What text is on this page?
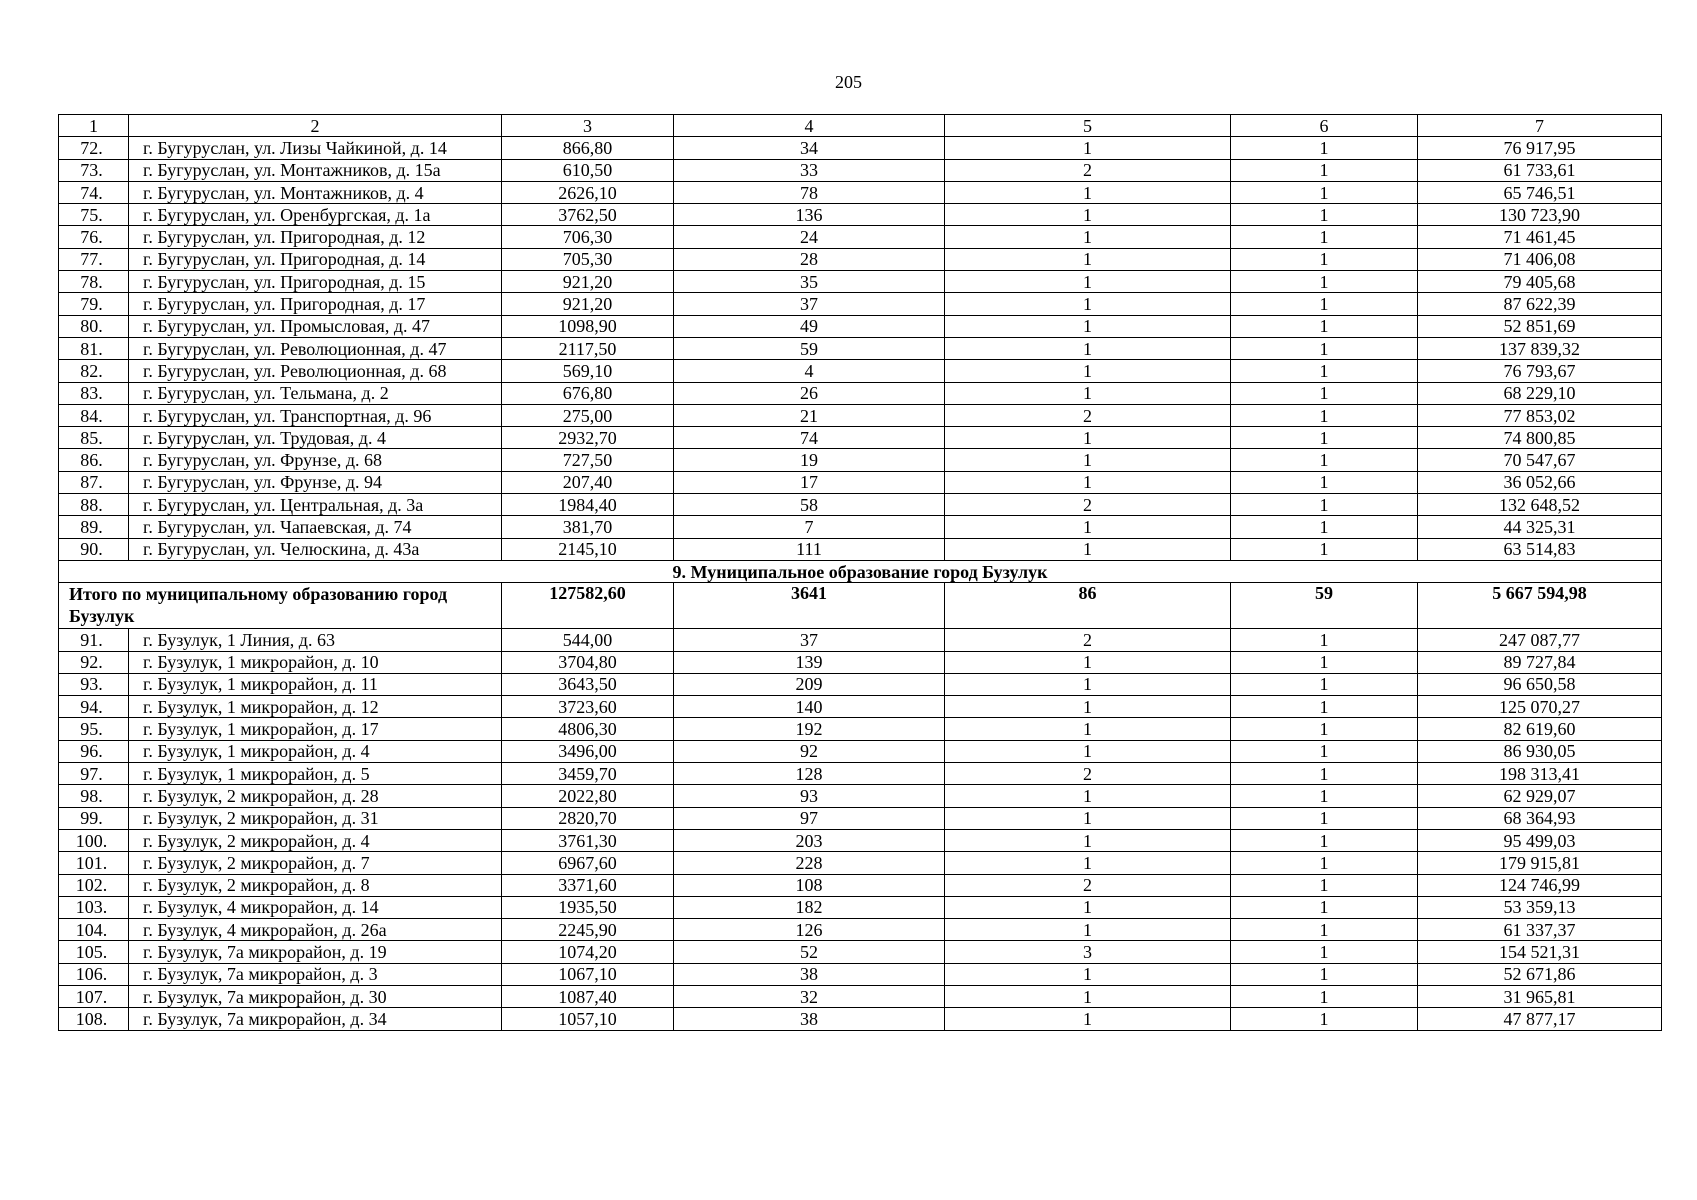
205
1	2	3	4	5	6	7
72.	г. Бугуруслан, ул. Лизы Чайкиной, д. 14	866,80	34	1	1	76 917,95
73.	г. Бугуруслан, ул. Монтажников, д. 15а	610,50	33	2	1	61 733,61
74.	г. Бугуруслан, ул. Монтажников, д. 4	2626,10	78	1	1	65 746,51
75.	г. Бугуруслан, ул. Оренбургская, д. 1а	3762,50	136	1	1	130 723,90
76.	г. Бугуруслан, ул. Пригородная, д. 12	706,30	24	1	1	71 461,45
77.	г. Бугуруслан, ул. Пригородная, д. 14	705,30	28	1	1	71 406,08
78.	г. Бугуруслан, ул. Пригородная, д. 15	921,20	35	1	1	79 405,68
79.	г. Бугуруслан, ул. Пригородная, д. 17	921,20	37	1	1	87 622,39
80.	г. Бугуруслан, ул. Промысловая, д. 47	1098,90	49	1	1	52 851,69
81.	г. Бугуруслан, ул. Революционная, д. 47	2117,50	59	1	1	137 839,32
82.	г. Бугуруслан, ул. Революционная, д. 68	569,10	4	1	1	76 793,67
83.	г. Бугуруслан, ул. Тельмана, д. 2	676,80	26	1	1	68 229,10
84.	г. Бугуруслан, ул. Транспортная, д. 96	275,00	21	2	1	77 853,02
85.	г. Бугуруслан, ул. Трудовая, д. 4	2932,70	74	1	1	74 800,85
86.	г. Бугуруслан, ул. Фрунзе, д. 68	727,50	19	1	1	70 547,67
87.	г. Бугуруслан, ул. Фрунзе, д. 94	207,40	17	1	1	36 052,66
88.	г. Бугуруслан, ул. Центральная, д. 3а	1984,40	58	2	1	132 648,52
89.	г. Бугуруслан, ул. Чапаевская, д. 74	381,70	7	1	1	44 325,31
90.	г. Бугуруслан, ул. Челюскина, д. 43а	2145,10	111	1	1	63 514,83
9. Муниципальное образование город Бузулук						
Итого по муниципальному образованию город Бузулук		127582,60	3641	86	59	5 667 594,98
91.	г. Бузулук, 1 Линия, д. 63	544,00	37	2	1	247 087,77
92.	г. Бузулук, 1 микрорайон, д. 10	3704,80	139	1	1	89 727,84
93.	г. Бузулук, 1 микрорайон, д. 11	3643,50	209	1	1	96 650,58
94.	г. Бузулук, 1 микрорайон, д. 12	3723,60	140	1	1	125 070,27
95.	г. Бузулук, 1 микрорайон, д. 17	4806,30	192	1	1	82 619,60
96.	г. Бузулук, 1 микрорайон, д. 4	3496,00	92	1	1	86 930,05
97.	г. Бузулук, 1 микрорайон, д. 5	3459,70	128	2	1	198 313,41
98.	г. Бузулук, 2 микрорайон, д. 28	2022,80	93	1	1	62 929,07
99.	г. Бузулук, 2 микрорайон, д. 31	2820,70	97	1	1	68 364,93
100.	г. Бузулук, 2 микрорайон, д. 4	3761,30	203	1	1	95 499,03
101.	г. Бузулук, 2 микрорайон, д. 7	6967,60	228	1	1	179 915,81
102.	г. Бузулук, 2 микрорайон, д. 8	3371,60	108	2	1	124 746,99
103.	г. Бузулук, 4 микрорайон, д. 14	1935,50	182	1	1	53 359,13
104.	г. Бузулук, 4 микрорайон, д. 26а	2245,90	126	1	1	61 337,37
105.	г. Бузулук, 7а микрорайон, д. 19	1074,20	52	3	1	154 521,31
106.	г. Бузулук, 7а микрорайон, д. 3	1067,10	38	1	1	52 671,86
107.	г. Бузулук, 7а микрорайон, д. 30	1087,40	32	1	1	31 965,81
108.	г. Бузулук, 7а микрорайон, д. 34	1057,10	38	1	1	47 877,17
